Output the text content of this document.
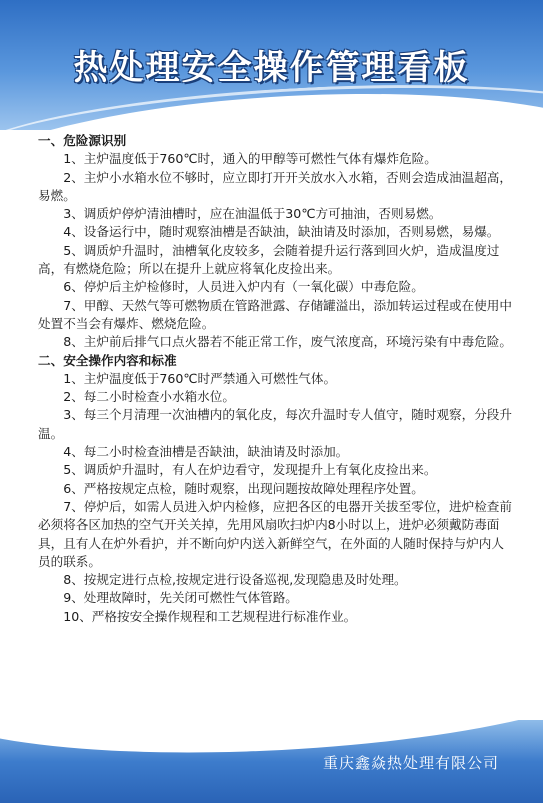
热处理安全操作管理看板
一、危险源识别
1、主炉温度低于760℃时，通入的甲醇等可燃性气体有爆炸危险。
2、主炉小水箱水位不够时，应立即打开开关放水入水箱，否则会造成油温超高，易燃。
3、调质炉停炉清油槽时，应在油温低于30℃方可抽油，否则易燃。
4、设备运行中，随时观察油槽是否缺油，缺油请及时添加，否则易燃，易爆。
5、调质炉升温时，油槽氧化皮较多，会随着提升运行落到回火炉，造成温度过高，有燃烧危险；所以在提升上就应将氧化皮捡出来。
6、停炉后主炉检修时，人员进入炉内有（一氧化碳）中毒危险。
7、甲醇、天然气等可燃物质在管路泄露、存储罐溢出，添加转运过程或在使用中处置不当会有爆炸、燃烧危险。
8、主炉前后排气口点火器若不能正常工作，废气浓度高，环境污染有中毒危险。
二、安全操作内容和标准
1、主炉温度低于760℃时严禁通入可燃性气体。
2、每二小时检查小水箱水位。
3、每三个月清理一次油槽内的氧化皮，每次升温时专人值守，随时观察，分段升温。
4、每二小时检查油槽是否缺油，缺油请及时添加。
5、调质炉升温时，有人在炉边看守，发现提升上有氧化皮捡出来。
6、严格按规定点检，随时观察，出现问题按故障处理程序处置。
7、停炉后，如需人员进入炉内检修，应把各区的电器开关拔至零位，进炉检查前必须将各区加热的空气开关关掉，先用风扇吹扫炉内8小时以上，进炉必须戴防毒面具，且有人在炉外看护，并不断向炉内送入新鲜空气，在外面的人随时保持与炉内人员的联系。
8、按规定进行点检,按规定进行设备巡视,发现隐患及时处理。
9、处理故障时，先关闭可燃性气体管路。
10、严格按安全操作规程和工艺规程进行标准作业。
重庆鑫焱热处理有限公司
